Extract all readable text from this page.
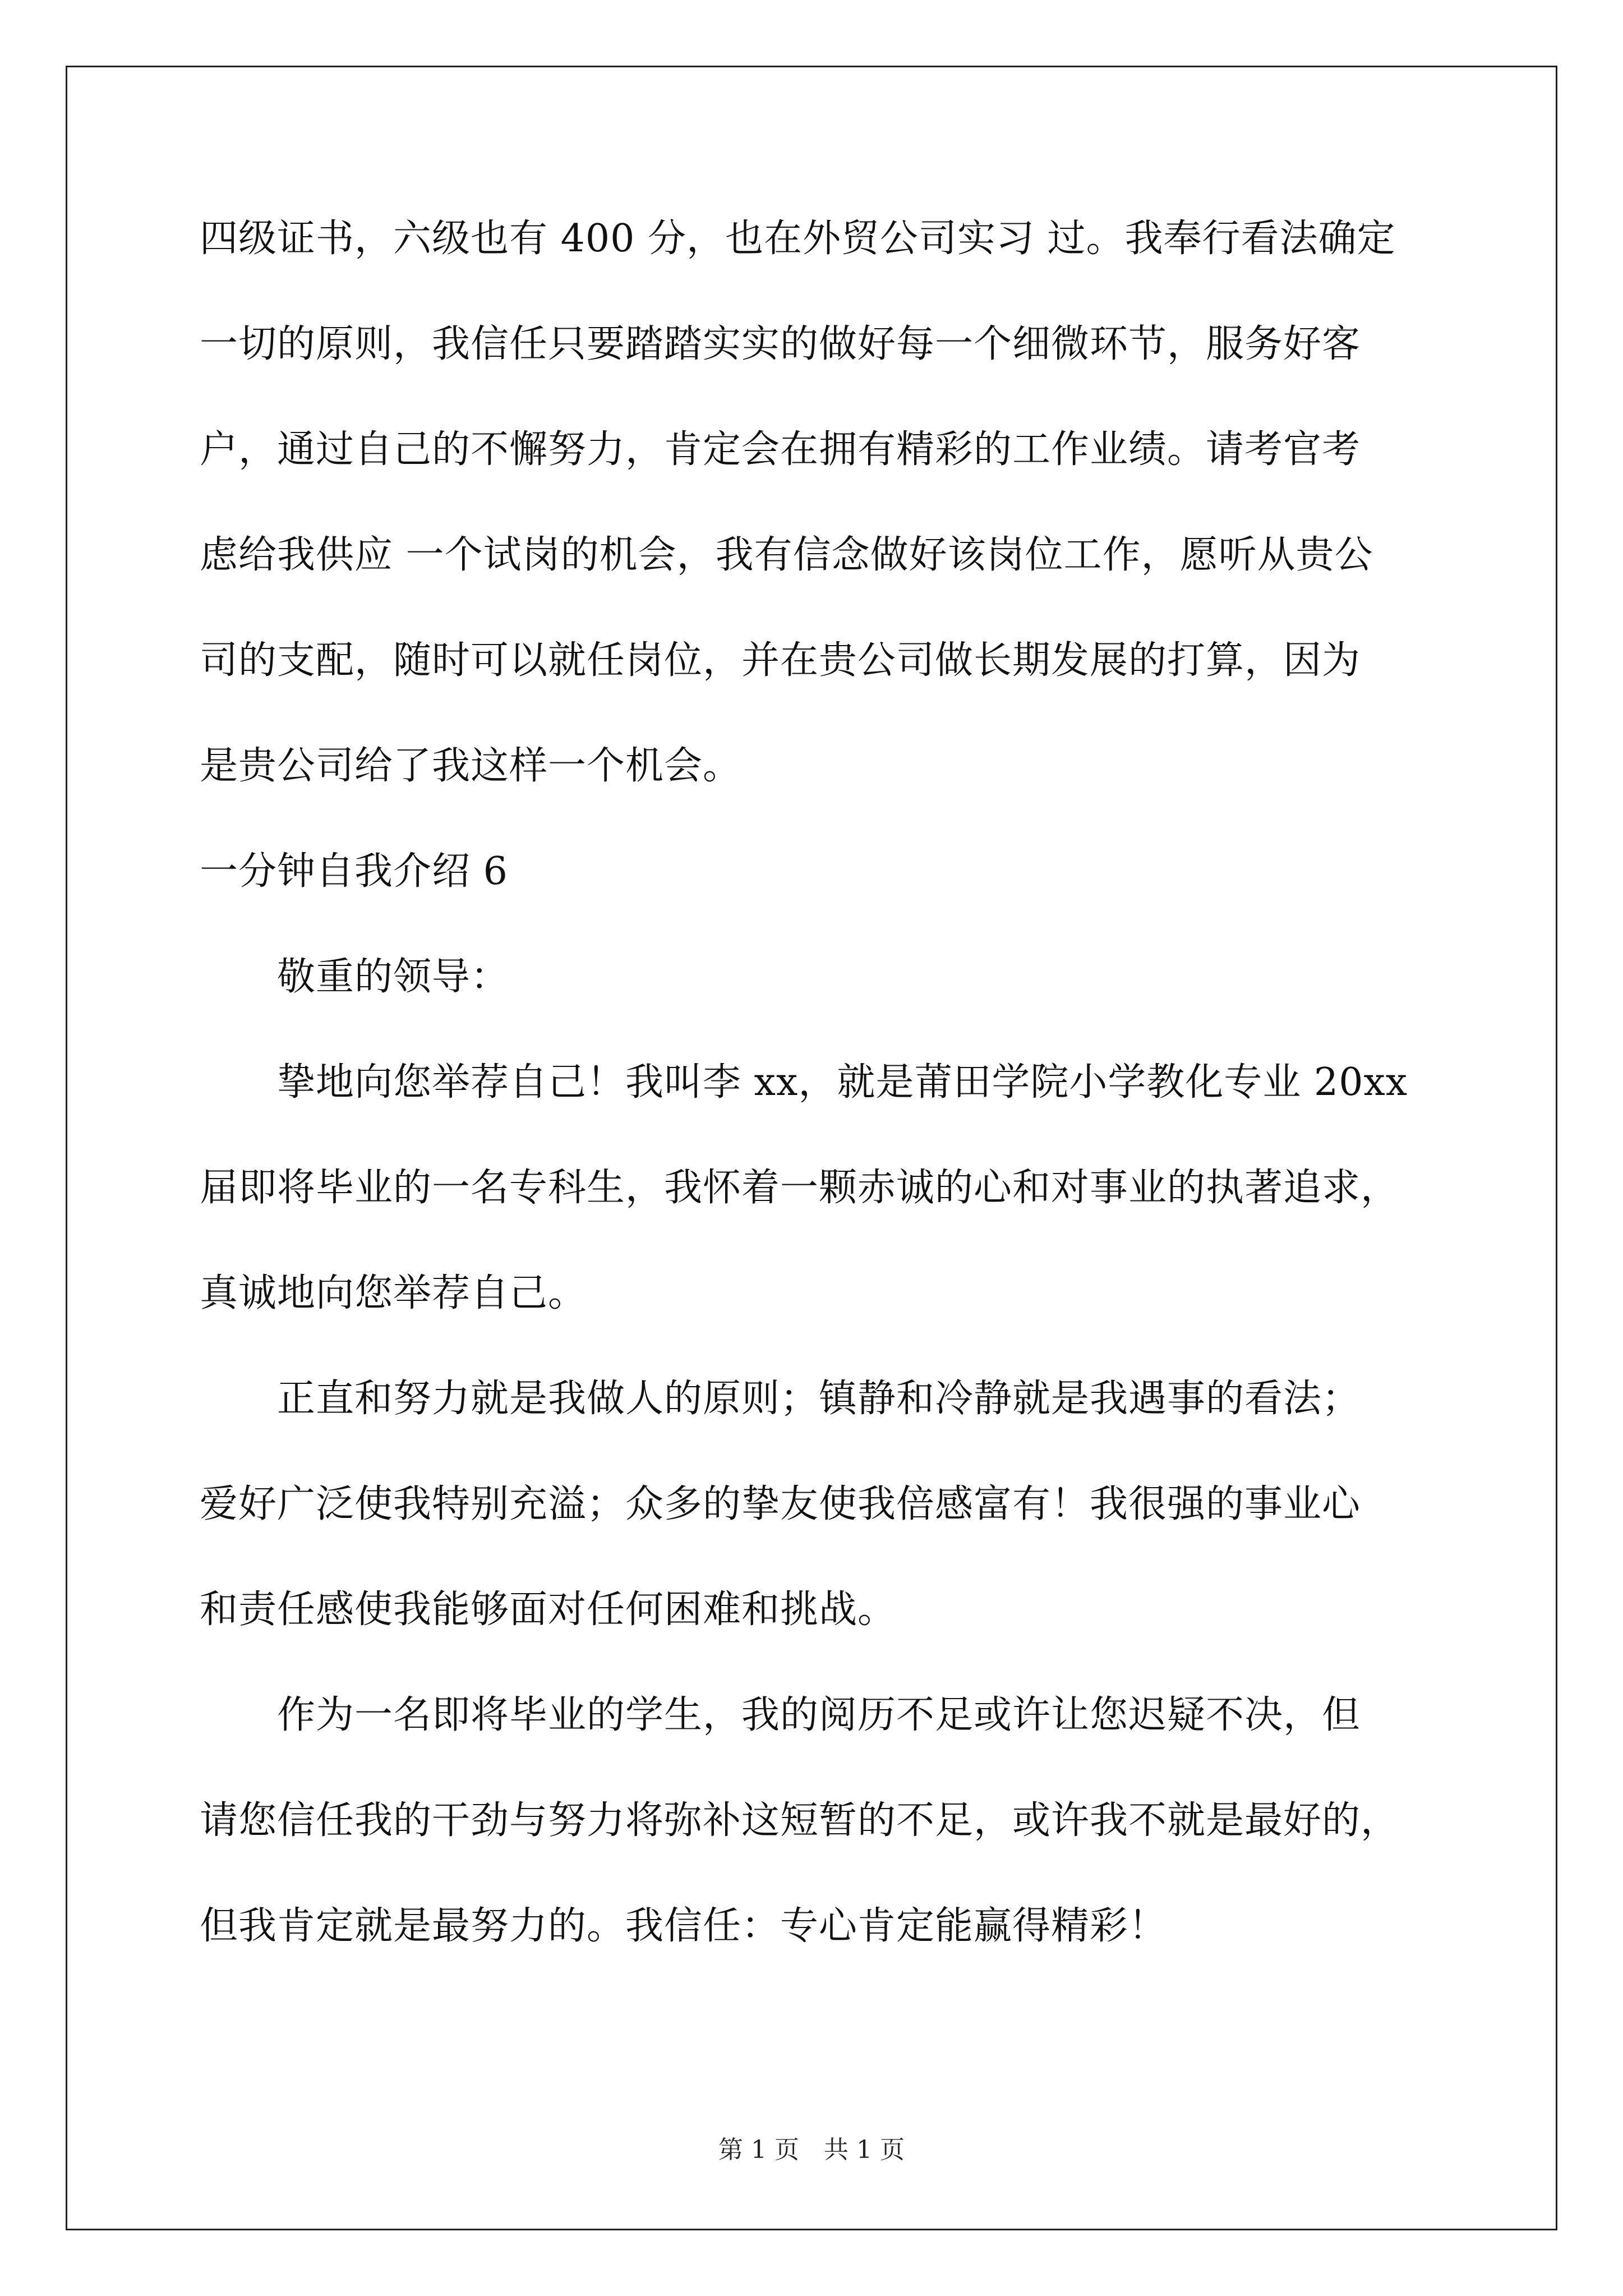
四级证书，六级也有 400 分，也在外贸公司实习 过。我奉行看法确定
一切的原则，我信任只要踏踏实实的做好每一个细微环节，服务好客
户，通过自己的不懈努力，肯定会在拥有精彩的工作业绩。请考官考
虑给我供应 一个试岗的机会，我有信念做好该岗位工作，愿听从贵公
司的支配，随时可以就任岗位，并在贵公司做长期发展的打算，因为
是贵公司给了我这样一个机会。
一分钟自我介绍 6
　　敬重的领导：
　　挚地向您举荐自己！我叫李 xx，就是莆田学院小学教化专业 20xx
届即将毕业的一名专科生，我怀着一颗赤诚的心和对事业的执著追求，
真诚地向您举荐自己。
　　正直和努力就是我做人的原则；镇静和冷静就是我遇事的看法；
爱好广泛使我特别充溢；众多的挚友使我倍感富有！我很强的事业心
和责任感使我能够面对任何困难和挑战。
　　作为一名即将毕业的学生，我的阅历不足或许让您迟疑不决，但
请您信任我的干劲与努力将弥补这短暂的不足，或许我不就是最好的，
但我肯定就是最努力的。我信任：专心肯定能赢得精彩！
第 1 页　共 1 页
